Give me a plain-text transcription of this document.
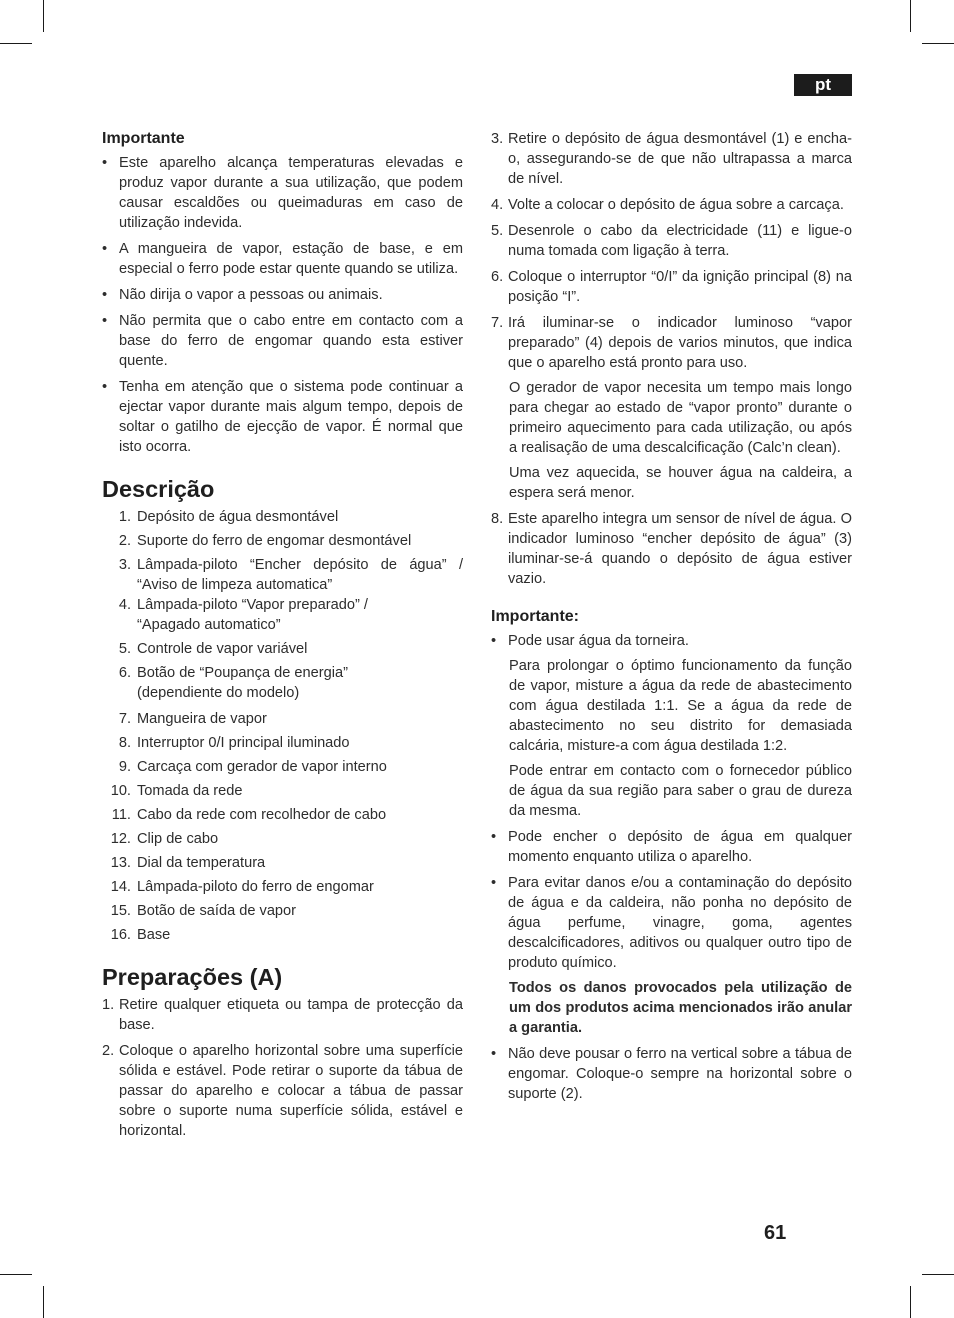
pt
Importante
• Este aparelho alcança temperaturas elevadas e produz vapor durante a sua utilização, que podem causar escaldões ou queimaduras em caso de utilização indevida.
• A mangueira de vapor, estação de base, e em especial o ferro pode estar quente quando se utiliza.
• Não dirija o vapor a pessoas ou animais.
• Não permita que o cabo entre em contacto com a base do ferro de engomar quando esta estiver quente.
• Tenha em atenção que o sistema pode continuar a ejectar vapor durante mais algum tempo, depois de soltar o gatilho de ejecção de vapor. É normal que isto ocorra.
Descrição
1. Depósito de água desmontável
2. Suporte do ferro de engomar desmontável
3. Lâmpada-piloto “Encher depósito de água” / “Aviso de limpeza automatica”
4. Lâmpada-piloto “Vapor preparado” / “Apagado automatico”
5. Controle de vapor variável
6. Botão de “Poupança de energia” (dependiente do modelo)
7. Mangueira de vapor
8. Interruptor 0/I principal iluminado
9. Carcaça com gerador de vapor interno
10. Tomada da rede
11. Cabo da rede com recolhedor de cabo
12. Clip de cabo
13. Dial da temperatura
14. Lâmpada-piloto do ferro de engomar
15. Botão de saída de vapor
16. Base
Preparações (A)
1. Retire qualquer etiqueta ou tampa de protecção da base.
2. Coloque o aparelho horizontal sobre uma superfície sólida e estável. Pode retirar o suporte da tábua de passar do aparelho e colocar a tábua de passar sobre o suporte numa superfície sólida, estável e horizontal.
3. Retire o depósito de água desmontável (1) e encha-o, assegurando-se de que não ultrapassa a marca de nível.
4. Volte a colocar o depósito de água sobre a carcaça.
5. Desenrole o cabo da electricidade (11) e ligue-o numa tomada com ligação à terra.
6. Coloque o interruptor “0/I” da ignição principal (8) na posição “I”.
7. Irá iluminar-se o indicador luminoso “vapor preparado” (4) depois de varios minutos, que indica que o aparelho está pronto para uso.
O gerador de vapor necesita um tempo mais longo para chegar ao estado de “vapor pronto” durante o primeiro aquecimento para cada utilização, ou após a realisação de uma descalcificação (Calc’n clean).
Uma vez aquecida, se houver água na caldeira, a espera será menor.
8. Este aparelho integra um sensor de nível de água. O indicador luminoso “encher depósito de água” (3) iluminar-se-á quando o depósito de água estiver vazio.
Importante:
• Pode usar água da torneira.
Para prolongar o óptimo funcionamento da função de vapor, misture a água da rede de abastecimento com água destilada 1:1. Se a água da rede de abastecimento no seu distrito for demasiada calcária, misture-a com água destilada 1:2.
Pode entrar em contacto com o fornecedor público de água da sua região para saber o grau de dureza da mesma.
• Pode encher o depósito de água em qualquer momento enquanto utiliza o aparelho.
• Para evitar danos e/ou a contaminação do depósito de água e da caldeira, não ponha no depósito de água perfume, vinagre, goma, agentes descalcificadores, aditivos ou qualquer outro tipo de produto químico.
Todos os danos provocados pela utilização de um dos produtos acima mencionados irão anular a garantia.
• Não deve pousar o ferro na vertical sobre a tábua de engomar. Coloque-o sempre na horizontal sobre o suporte (2).
61
